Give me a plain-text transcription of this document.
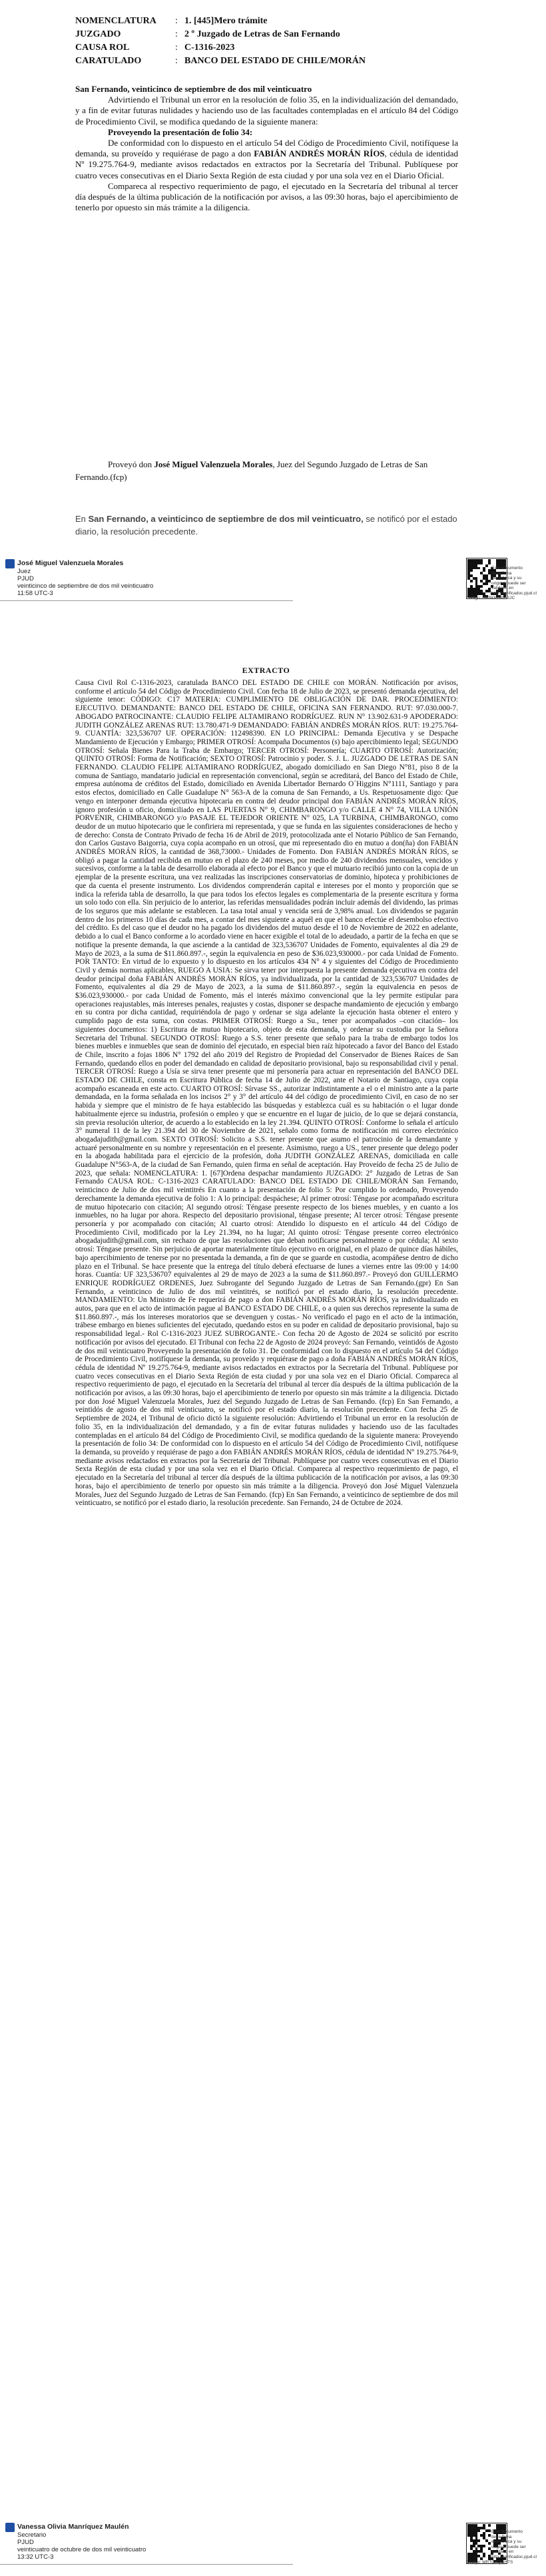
NOMENCLATURA	: 1. [445]Mero trámite
JUZGADO	: 2 º Juzgado de Letras de San Fernando
CAUSA ROL	: C-1316-2023
CARATULADO	: BANCO DEL ESTADO DE CHILE/MORÁN

San Fernando, veinticinco de septiembre de dos mil veinticuatro

Advirtiendo el Tribunal un error en la resolución de folio 35, en la individualización del demandado, y a fin de evitar futuras nulidades y haciendo uso de las facultades contempladas en el artículo 84 del Código de Procedimiento Civil, se modifica quedando de la siguiente manera:

Proveyendo la presentación de folio 34:

De conformidad con lo dispuesto en el artículo 54 del Código de Procedimiento Civil, notifíquese la demanda, su proveído y requiérase de pago a don FABIÁN ANDRÉS MORÁN RÍOS, cédula de identidad Nº 19.275.764-9, mediante avisos redactados en extractos por la Secretaría del Tribunal. Publíquese por cuatro veces consecutivas en el Diario Sexta Región de esta ciudad y por una sola vez en el Diario Oficial.

Compareca al respectivo requerimiento de pago, el ejecutado en la Secretaría del tribunal al tercer día después de la última publicación de la notificación por avisos, a las 09:30 horas, bajo el apercibimiento de tenerlo por opuesto sin más trámite a la diligencia.

Proveyó don José Miguel Valenzuela Morales, Juez del Segundo Juzgado de Letras de San Fernando.(fcp)

En San Fernando, a veinticinco de septiembre de dos mil veinticuatro, se notificó por el estado diario, la resolución precedente.

José Miguel Valenzuela Morales
Juez
PJUD
veinticinco de septiembre de dos mil veinticuatro
11:58 UTC-3
Este documento tiene firma electrónica y su original puede ser validado en http://verificadoc.pjud.cl
Código: DXBKKGREGJC
EXTRACTO

Causa Civil Rol C-1316-2023, caratulada BANCO DEL ESTADO DE CHILE con MORÁN. Notificación por avisos, conforme el artículo 54 del Código de Procedimiento Civil. Con fecha 18 de Julio de 2023, se presentó demanda ejecutiva, del siguiente tenor: CÓDIGO: C17 MATERIA: CUMPLIMIENTO DE OBLIGACIÓN DE DAR. PROCEDIMIENTO: EJECUTIVO. DEMANDANTE: BANCO DEL ESTADO DE CHILE, OFICINA SAN FERNANDO. RUT: 97.030.000-7. ABOGADO PATROCINANTE: CLAUDIO FELIPE ALTAMIRANO RODRÍGUEZ. RUN N° 13.902.631-9 APODERADO: JUDITH GONZÁLEZ ARENAS RUT: 13.780.471-9 DEMANDADO: FABIÁN ANDRÉS MORÁN RÍOS. RUT: 19.275.764-9. CUANTÍA: 323,536707 UF. OPERACIÓN: 112498390. EN LO PRINCIPAL: Demanda Ejecutiva y se Despache Mandamiento de Ejecución y Embargo; PRIMER OTROSÍ: Acompaña Documentos (s) bajo apercibimiento legal; SEGUNDO OTROSÍ: Señala Bienes Para la Traba de Embargo; TERCER OTROSÍ: Personería; CUARTO OTROSÍ: Autorización; QUINTO OTROSÍ: Forma de Notificación; SEXTO OTROSÍ: Patrocinio y poder. S. J. L. JUZGADO DE LETRAS DE SAN FERNANDO. CLAUDIO FELIPE ALTAMIRANO RODRÍGUEZ, abogado domiciliado en San Diego N°81, piso 8 de la comuna de Santiago, mandatario judicial en representación convencional, según se acreditará, del Banco del Estado de Chile, empresa autónoma de créditos del Estado, domiciliado en Avenida Libertador Bernardo O´Higgins N°1111, Santiago y para estos efectos, domiciliado en Calle Guadalupe N° 563-A de la comuna de San Fernando, a Us. Respetuosamente digo: Que vengo en interponer demanda ejecutiva hipotecaria en contra del deudor principal don FABIÁN ANDRÉS MORÁN RÍOS, ignoro profesión u oficio, domiciliado en LAS PUERTAS N° 9, CHIMBARONGO y/o CALLE 4 N° 74, VILLA UNIÓN PORVENIR, CHIMBARONGO y/o PASAJE EL TEJEDOR ORIENTE N° 025, LA TURBINA, CHIMBARONGO, como deudor de un mutuo hipotecario que le confiriera mi representada, y que se funda en las siguientes consideraciones de hecho y de derecho: Consta de Contrato Privado de fecha 16 de Abril de 2019, protocolizada ante el Notario Público de San Fernando, don Carlos Gustavo Baigorria, cuya copia acompaño en un otrosí, que mi representado dio en mutuo a don(ña) don FABIÁN ANDRÉS MORÁN RÍOS, la cantidad de 368,73000.- Unidades de Fomento. Don FABIÁN ANDRÉS MORÁN RÍOS, se obligó a pagar la cantidad recibida en mutuo en el plazo de 240 meses, por medio de 240 dividendos mensuales, vencidos y sucesivos, conforme a la tabla de desarrollo elaborada al efecto por el Banco y que el mutuario recibió junto con la copia de un ejemplar de la presente escritura, una vez realizadas las inscripciones conservatorias de dominio, hipoteca y prohibiciones de que da cuenta el presente instrumento. Los dividendos comprenderán capital e intereses por el monto y proporción que se indica la referida tabla de desarrollo, la que para todos los efectos legales es complementaria de la presente escritura y forma un solo todo con ella. Sin perjuicio de lo anterior, las referidas mensualidades podrán incluir además del dividendo, las primas de los seguros que más adelante se establecen. La tasa total anual y vencida será de 3,98% anual. Los dividendos se pagarán dentro de los primeros 10 días de cada mes, a contar del mes siguiente a aquél en que el banco efectúe el desembolso efectivo del crédito. Es del caso que el deudor no ha pagado los dividendos del mutuo desde el 10 de Noviembre de 2022 en adelante, debido a lo cual el Banco conforme a lo acordado viene en hacer exigible el total de lo adeudado, a partir de la fecha en que se notifique la presente demanda, la que asciende a la cantidad de 323,536707 Unidades de Fomento, equivalentes al día 29 de Mayo de 2023, a la suma de $11.860.897.-, según la equivalencia en peso de $36.023,930000.- por cada Unidad de Fomento. POR TANTO: En virtud de lo expuesto y lo dispuesto en los artículos 434 N° 4 y siguientes del Código de Procedimiento Civil y demás normas aplicables, RUEGO A USIA: Se sirva tener por interpuesta la presente demanda ejecutiva en contra del deudor principal doña FABIÁN ANDRÉS MORÁN RÍOS, ya individualizada, por la cantidad de 323,536707 Unidades de Fomento, equivalentes al día 29 de Mayo de 2023, a la suma de $11.860.897.-, según la equivalencia en pesos de $36.023,930000.- por cada Unidad de Fomento, más el interés máximo convencional que la ley permite estipular para operaciones reajustables, más intereses penales, reajustes y costas, disponer se despache mandamiento de ejecución y embargo en su contra por dicha cantidad, requiriéndola de pago y ordenar se siga adelante la ejecución hasta obtener el entero y cumplido pago de esta suma, con costas. PRIMER OTROSÍ: Ruego a Su., tener por acompañados –con citación– los siguientes documentos: 1) Escritura de mutuo hipotecario, objeto de esta demanda, y ordenar su custodia por la Señora Secretaria del Tribunal. SEGUNDO OTROSÍ: Ruego a S.S. tener presente que señalo para la traba de embargo todos los bienes muebles e inmuebles que sean de dominio del ejecutado, en especial bien raíz hipotecado a favor del Banco del Estado de Chile, inscrito a fojas 1806 N° 1792 del año 2019 del Registro de Propiedad del Conservador de Bienes Raíces de San Fernando, quedando ellos en poder del demandado en calidad de depositario provisional, bajo su responsabilidad civil y penal. TERCER OTROSÍ: Ruego a Usía se sirva tener presente que mi personería para actuar en representación del BANCO DEL ESTADO DE CHILE, consta en Escritura Pública de fecha 14 de Julio de 2022, ante el Notario de Santiago, cuya copia acompaño escaneada en este acto. CUARTO OTROSÍ: Sírvase SS., autorizar indistintamente a el o el ministro ante a la parte demandada, en la forma señalada en los incisos 2° y 3° del artículo 44 del código de procedimiento Civil, en caso de no ser habida y siempre que el ministro de fe haya establecido las búsquedas y establezca cuál es su habitación o el lugar donde habitualmente ejerce su industria, profesión o empleo y que se encuentre en el lugar de juicio, de lo que se dejará constancia, sin previa resolución ulterior, de acuerdo a lo establecido en la ley 21.394. QUINTO OTROSÍ: Conforme lo señala el artículo 3° numeral 11 de la ley 21.394 del 30 de Noviembre de 2021, señalo como forma de notificación mi correo electrónico abogadajudith@gmail.com. SEXTO OTROSÍ: Solicito a S.S. tener presente que asumo el patrocinio de la demandante y actuaré personalmente en su nombre y representación en el presente. Asimismo, ruego a US., tener presente que delego poder en la abogada habilitada para el ejercicio de la profesión, doña JUDITH GONZÁLEZ ARENAS, domiciliada en calle Guadalupe N°563-A, de la ciudad de San Fernando, quien firma en señal de aceptación. Hay Proveído de fecha 25 de Julio de 2023, que señala: NOMENCLATURA: 1. [67]Ordena despachar mandamiento JUZGADO: 2° Juzgado de Letras de San Fernando CAUSA ROL: C-1316-2023 CARATULADO: BANCO DEL ESTADO DE CHILE/MORÁN San Fernando, veinticinco de Julio de dos mil veintitrés En cuanto a la presentación de folio 5: Por cumplido lo ordenado, Proveyendo derechamente la demanda ejecutiva de folio 1: A lo principal: despáchese; Al primer otrosí: Téngase por acompañado escritura de mutuo hipotecario con citación; Al segundo otrosí: Téngase presente respecto de los bienes muebles, y en cuanto a los inmuebles, no ha lugar por ahora. Respecto del depositario provisional, téngase presente; Al tercer otrosí: Téngase presente personería y por acompañado con citación; Al cuarto otrosí: Atendido lo dispuesto en el artículo 44 del Código de Procedimiento Civil, modificado por la Ley 21.394, no ha lugar; Al quinto otrosí: Téngase presente correo electrónico abogadajudith@gmail.com, sin rechazo de que las resoluciones que deban notificarse personalmente o por cédula; Al sexto otrosí: Téngase presente. Sin perjuicio de aportar materialmente título ejecutivo en original, en el plazo de quince días hábiles, bajo apercibimiento de tenerse por no presentada la demanda, a fin de que se guarde en custodia, acompáñese dentro de dicho plazo en el Tribunal. Se hace presente que la entrega del título deberá efectuarse de lunes a viernes entre las 09:00 y 14:00 horas. Cuantía: UF 323,536707 equivalentes al 29 de mayo de 2023 a la suma de $11.860.897.- Proveyó don GUILLERMO ENRIQUE RODRÍGUEZ ORDENES, Juez Subrogante del Segundo Juzgado de Letras de San Fernando.(gpr) En San Fernando, a veinticinco de Julio de dos mil veintitrés, se notificó por el estado diario, la resolución precedente. MANDAMIENTO: Un Ministro de Fe requerirá de pago a don FABIÁN ANDRÉS MORÁN RÍOS, ya individualizado en autos, para que en el acto de intimación pague al BANCO ESTADO DE CHILE, o a quien sus derechos represente la suma de $11.860.897.-, más los intereses moratorios que se devenguen y costas.- No verificado el pago en el acto de la intimación, trábese embargo en bienes suficientes del ejecutado, quedando estos en su poder en calidad de depositario provisional, bajo su responsabilidad legal.- Rol C-1316-2023 JUEZ SUBROGANTE.- Con fecha 20 de Agosto de 2024 se solicitó por escrito notificación por avisos del ejecutado. El Tribunal con fecha 22 de Agosto de 2024 proveyó: San Fernando, veintidós de Agosto de dos mil veinticuatro Proveyendo la presentación de folio 31. De conformidad con lo dispuesto en el artículo 54 del Código de Procedimiento Civil, notifíquese la demanda, su proveído y requiérase de pago a doña FABIÁN ANDRÉS MORÁN RÍOS, cédula de identidad Nº 19.275.764-9, mediante avisos redactados en extractos por la Secretaría del Tribunal. Publíquese por cuatro veces consecutivas en el Diario Sexta Región de esta ciudad y por una sola vez en el Diario Oficial. Compareca al respectivo requerimiento de pago, el ejecutado en la Secretaría del tribunal al tercer día después de la última publicación de la notificación por avisos, a las 09:30 horas, bajo el apercibimiento de tenerlo por opuesto sin más trámite a la diligencia. Dictado por don José Miguel Valenzuela Morales, Juez del Segundo Juzgado de Letras de San Fernando. (fcp) En San Fernando, a veintidós de agosto de dos mil veinticuatro, se notificó por el estado diario, la resolución precedente. Con fecha 25 de Septiembre de 2024, el Tribunal de oficio dictó la siguiente resolución: Advirtiendo el Tribunal un error en la resolución de folio 35, en la individualización del demandado, y a fin de evitar futuras nulidades y haciendo uso de las facultades contempladas en el artículo 84 del Código de Procedimiento Civil, se modifica quedando de la siguiente manera: Proveyendo la presentación de folio 34: De conformidad con lo dispuesto en el artículo 54 del Código de Procedimiento Civil, notifíquese la demanda, su proveído y requiérase de pago a don FABIÁN ANDRÉS MORÁN RÍOS, cédula de identidad Nº 19.275.764-9, mediante avisos redactados en extractos por la Secretaría del Tribunal. Publíquese por cuatro veces consecutivas en el Diario Sexta Región de esta ciudad y por una sola vez en el Diario Oficial. Compareca al respectivo requerimiento de pago, el ejecutado en la Secretaría del tribunal al tercer día después de la última publicación de la notificación por avisos, a las 09:30 horas, bajo el apercibimiento de tenerlo por opuesto sin más trámite a la diligencia. Proveyó don José Miguel Valenzuela Morales, Juez del Segundo Juzgado de Letras de San Fernando. (fcp) En San Fernando, a veinticinco de septiembre de dos mil veinticuatro, se notificó por el estado diario, la resolución precedente. San Fernando, 24 de Octubre de 2024.

Este documento tiene firma electrónica y su original puede ser validado en http://verificadoc.pjud.cl
Código: MRTCXQGHTS
Vanessa Olivia Manríquez Maulén
Secretario
PJUD
veinticuatro de octubre de dos mil veinticuatro
13:32 UTC-3
